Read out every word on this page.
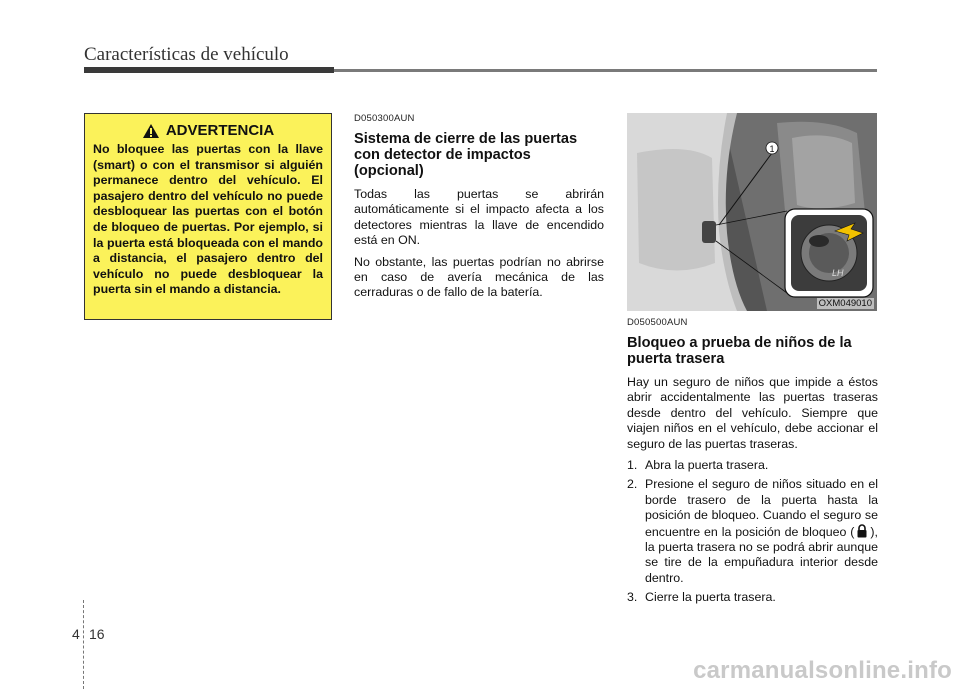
Características de vehículo
ADVERTENCIA
No bloquee las puertas con la llave (smart) o con el transmisor si alguién permanece dentro del vehículo. El pasajero dentro del vehículo no puede desbloquear las puertas con el botón de bloqueo de puertas. Por ejemplo, si la puerta está bloqueada con el mando a distancia, el pasajero dentro del vehículo no puede desbloquear la puerta sin el mando a distancia.
D050300AUN
Sistema de cierre de las puertas con detector de impactos (opcional)

Todas las puertas se abrirán automáticamente si el impacto afecta a los detectores mientras la llave de encendido está en ON.

No obstante, las puertas podrían no abrirse en caso de avería mecánica de las cerraduras o de fallo de la batería.

1
LH
OXM049010
D050500AUN
Bloqueo a prueba de niños de la puerta trasera

Hay un seguro de niños que impide a éstos abrir accidentalmente las puertas traseras desde dentro del vehículo. Siempre que viajen niños en el vehículo, debe accionar el seguro de las puertas traseras.

1. Abra la puerta trasera.
2. Presione el seguro de niños situado en el borde trasero de la puerta hasta la posición de bloqueo. Cuando el seguro se encuentre en la posición de bloqueo ( ), la puerta trasera no se podrá abrir aunque se tire de la empuñadura interior desde dentro.
3. Cierre la puerta trasera.
4 16
carmanualsonline.info
